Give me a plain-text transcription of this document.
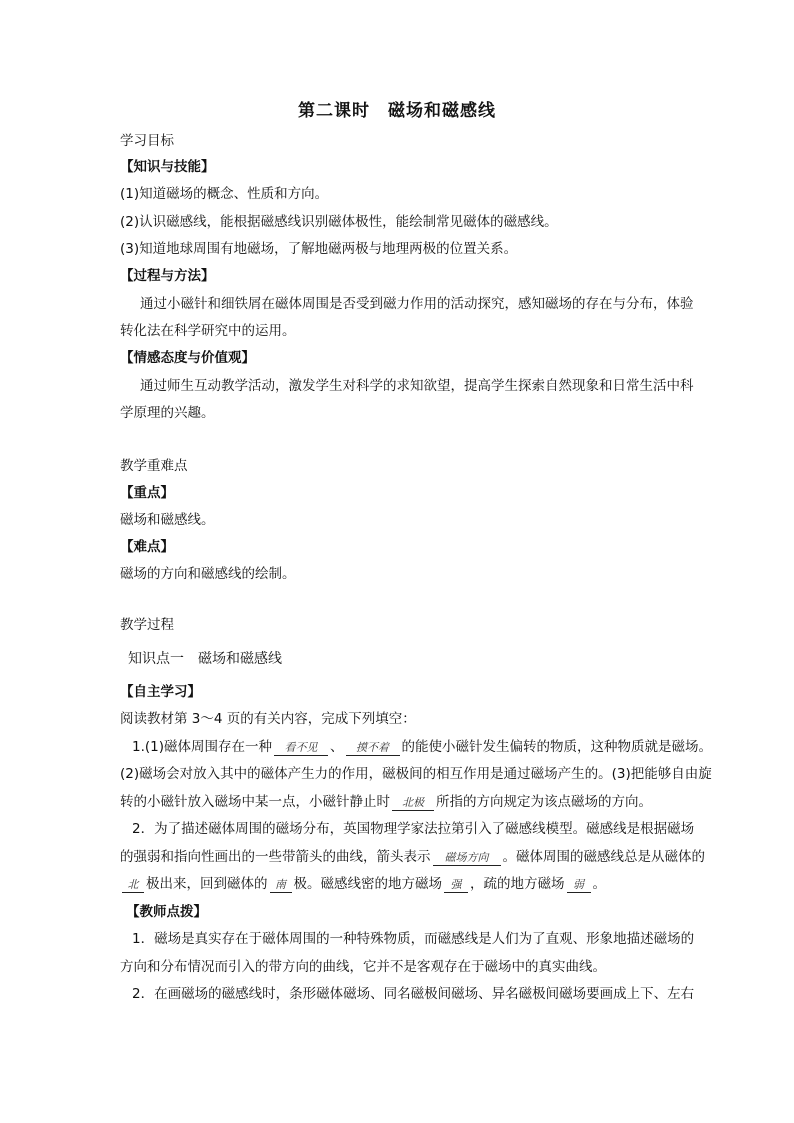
第二课时　磁场和磁感线
学习目标
【知识与技能】
(1)知道磁场的概念、性质和方向。
(2)认识磁感线，能根据磁感线识别磁体极性，能绘制常见磁体的磁感线。
(3)知道地球周围有地磁场，了解地磁两极与地理两极的位置关系。
【过程与方法】
通过小磁针和细铁屑在磁体周围是否受到磁力作用的活动探究，感知磁场的存在与分布，体验
转化法在科学研究中的运用。
【情感态度与价值观】
通过师生互动教学活动，激发学生对科学的求知欲望，提高学生探索自然现象和日常生活中科
学原理的兴趣。
教学重难点
【重点】
磁场和磁感线。
【难点】
磁场的方向和磁感线的绘制。
教学过程
知识点一　磁场和磁感线
【自主学习】
阅读教材第 3～4 页的有关内容，完成下列填空：
1.(1)磁体周围存在一种 看不见 、 摸不着 的能使小磁针发生偏转的物质，这种物质就是磁场。
(2)磁场会对放入其中的磁体产生力的作用，磁极间的相互作用是通过磁场产生的。(3)把能够自由旋
转的小磁针放入磁场中某一点，小磁针静止时 北极 所指的方向规定为该点磁场的方向。
2．为了描述磁体周围的磁场分布，英国物理学家法拉第引入了磁感线模型。磁感线是根据磁场
的强弱和指向性画出的一些带箭头的曲线，箭头表示 磁场方向 。磁体周围的磁感线总是从磁体的
北 极出来，回到磁体的 南 极。磁感线密的地方磁场 强 ，疏的地方磁场 弱 。
【教师点拨】
1．磁场是真实存在于磁体周围的一种特殊物质，而磁感线是人们为了直观、形象地描述磁场的
方向和分布情况而引入的带方向的曲线，它并不是客观存在于磁场中的真实曲线。
2．在画磁场的磁感线时，条形磁体磁场、同名磁极间磁场、异名磁极间磁场要画成上下、左右
